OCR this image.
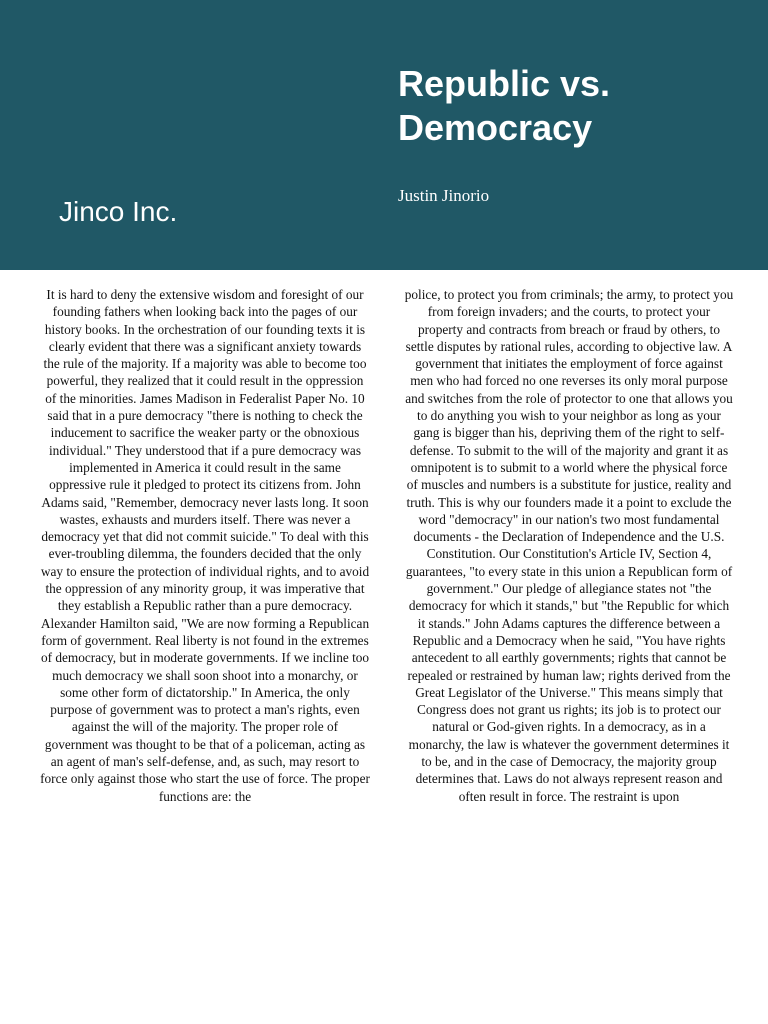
Republic vs.
Democracy
Justin Jinorio
Jinco Inc.

It is hard to deny the extensive wisdom and foresight of our founding fathers when looking back into the pages of our history books. In the orchestration of our founding texts it is clearly evident that there was a significant anxiety towards the rule of the majority. If a majority was able to become too powerful, they realized that it could result in the oppression of the minorities. James Madison in Federalist Paper No. 10 said that in a pure democracy "there is nothing to check the inducement to sacrifice the weaker party or the obnoxious individual." They understood that if a pure democracy was implemented in America it could result in the same oppressive rule it pledged to protect its citizens from. John Adams said, "Remember, democracy never lasts long. It soon wastes, exhausts and murders itself. There was never a democracy yet that did not commit suicide." To deal with this ever-troubling dilemma, the founders decided that the only way to ensure the protection of individual rights, and to avoid the oppression of any minority group, it was imperative that they establish a Republic rather than a pure democracy. Alexander Hamilton said, "We are now forming a Republican form of government. Real liberty is not found in the extremes of democracy, but in moderate governments. If we incline too much democracy we shall soon shoot into a monarchy, or some other form of dictatorship." In America, the only purpose of government was to protect a man's rights, even against the will of the majority. The proper role of government was thought to be that of a policeman, acting as an agent of man's self-defense, and, as such, may resort to force only against those who start the use of force. The proper functions are: the

police, to protect you from criminals; the army, to protect you from foreign invaders; and the courts, to protect your property and contracts from breach or fraud by others, to settle disputes by rational rules, according to objective law. A government that initiates the employment of force against men who had forced no one reverses its only moral purpose and switches from the role of protector to one that allows you to do anything you wish to your neighbor as long as your gang is bigger than his, depriving them of the right to self-defense. To submit to the will of the majority and grant it as omnipotent is to submit to a world where the physical force of muscles and numbers is a substitute for justice, reality and truth. This is why our founders made it a point to exclude the word "democracy" in our nation's two most fundamental documents - the Declaration of Independence and the U.S. Constitution. Our Constitution's Article IV, Section 4, guarantees, "to every state in this union a Republican form of government." Our pledge of allegiance states not "the democracy for which it stands," but "the Republic for which it stands." John Adams captures the difference between a Republic and a Democracy when he said, "You have rights antecedent to all earthly governments; rights that cannot be repealed or restrained by human law; rights derived from the Great Legislator of the Universe." This means simply that Congress does not grant us rights; its job is to protect our natural or God-given rights. In a democracy, as in a monarchy, the law is whatever the government determines it to be, and in the case of Democracy, the majority group determines that. Laws do not always represent reason and often result in force. The restraint is upon
